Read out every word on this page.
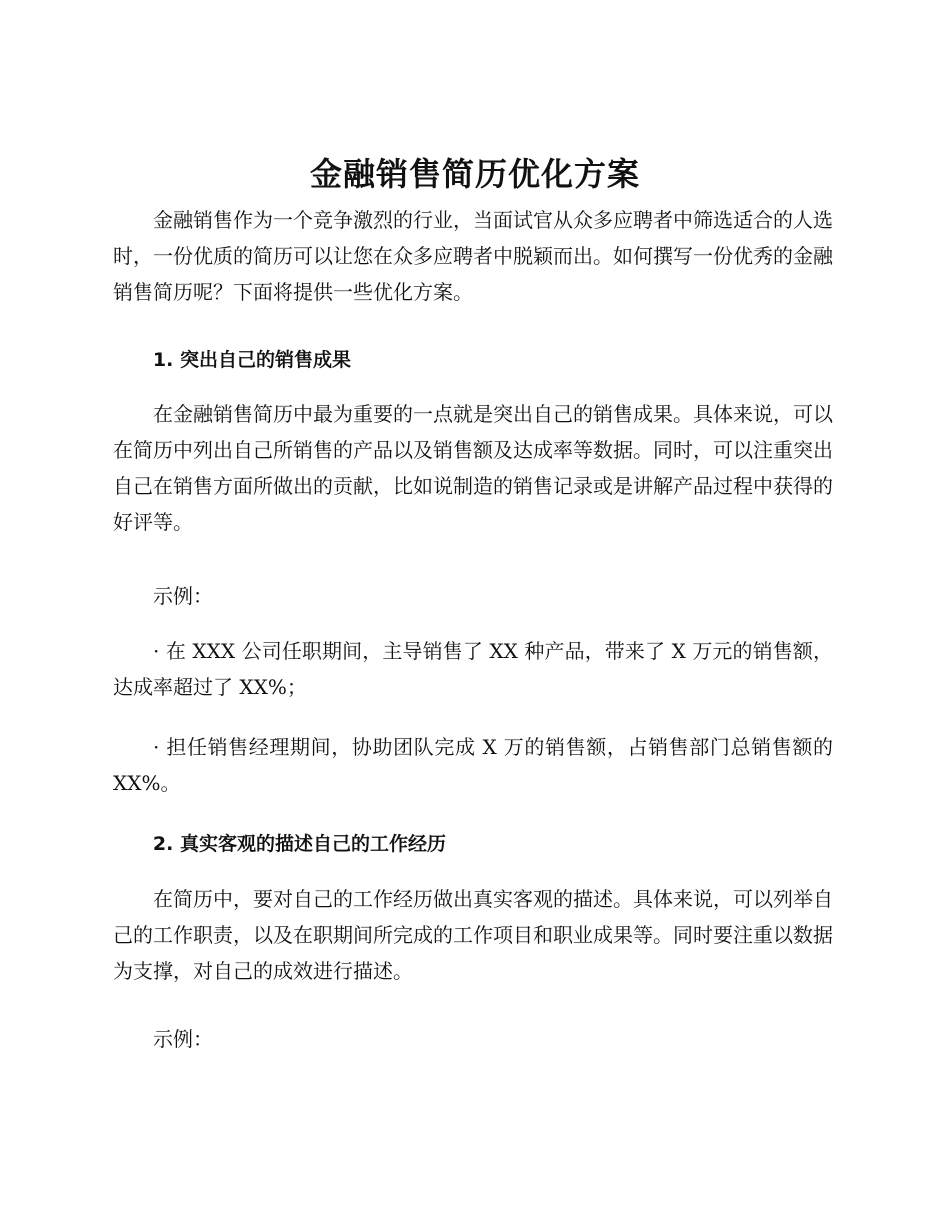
金融销售简历优化方案

金融销售作为一个竞争激烈的行业，当面试官从众多应聘者中筛选适合的人选时，一份优质的简历可以让您在众多应聘者中脱颖而出。如何撰写一份优秀的金融销售简历呢？下面将提供一些优化方案。

1. 突出自己的销售成果

在金融销售简历中最为重要的一点就是突出自己的销售成果。具体来说，可以在简历中列出自己所销售的产品以及销售额及达成率等数据。同时，可以注重突出自己在销售方面所做出的贡献，比如说制造的销售记录或是讲解产品过程中获得的好评等。

示例：

· 在 XXX 公司任职期间，主导销售了 XX 种产品，带来了 X 万元的销售额，达成率超过了 XX%；

· 担任销售经理期间，协助团队完成 X 万的销售额，占销售部门总销售额的 XX%。

2. 真实客观的描述自己的工作经历

在简历中，要对自己的工作经历做出真实客观的描述。具体来说，可以列举自己的工作职责，以及在职期间所完成的工作项目和职业成果等。同时要注重以数据为支撑，对自己的成效进行描述。

示例：
